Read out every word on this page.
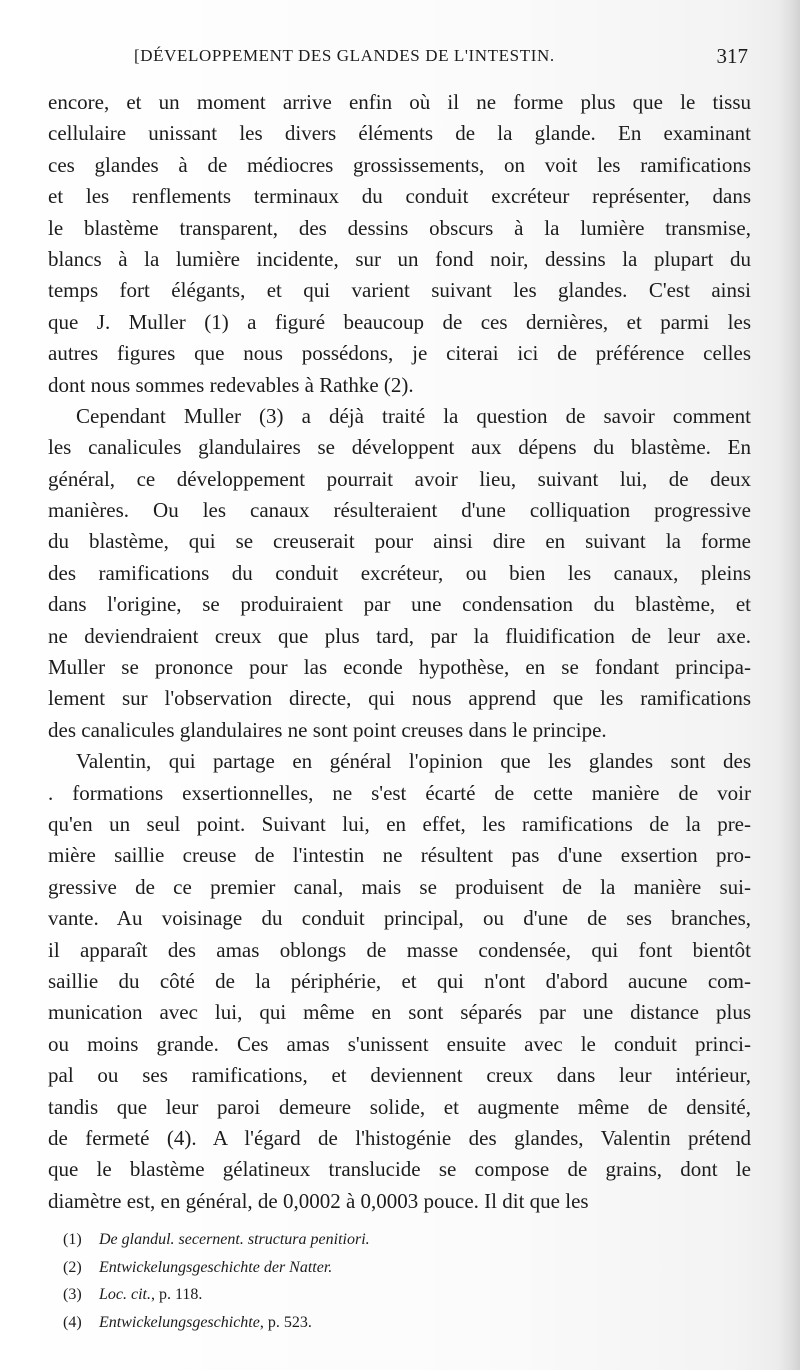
[DÉVELOPPEMENT DES GLANDES DE L'INTESTIN.	317
encore, et un moment arrive enfin où il ne forme plus que le tissu
cellulaire unissant les divers éléments de la glande. En examinant
ces glandes à de médiocres grossissements, on voit les ramifications
et les renflements terminaux du conduit excréteur représenter, dans
le blastème transparent, des dessins obscurs à la lumière transmise,
blancs à la lumière incidente, sur un fond noir, dessins la plupart du
temps fort élégants, et qui varient suivant les glandes. C'est ainsi
que J. Muller (1) a figuré beaucoup de ces dernières, et parmi les
autres figures que nous possédons, je citerai ici de préférence celles
dont nous sommes redevables à Rathke (2).
Cependant Muller (3) a déjà traité la question de savoir comment
les canalicules glandulaires se développent aux dépens du blastème. En
général, ce développement pourrait avoir lieu, suivant lui, de deux
manières. Ou les canaux résulteraient d'une colliquation progressive
du blastème, qui se creuserait pour ainsi dire en suivant la forme
des ramifications du conduit excréteur, ou bien les canaux, pleins
dans l'origine, se produiraient par une condensation du blastème, et
ne deviendraient creux que plus tard, par la fluidification de leur axe.
Muller se prononce pour las econde hypothèse, en se fondant principa-
lement sur l'observation directe, qui nous apprend que les ramifications
des canalicules glandulaires ne sont point creuses dans le principe.
Valentin, qui partage en général l'opinion que les glandes sont des
. formations exsertionnelles, ne s'est écarté de cette manière de voir
qu'en un seul point. Suivant lui, en effet, les ramifications de la pre-
mière saillie creuse de l'intestin ne résultent pas d'une exsertion pro-
gressive de ce premier canal, mais se produisent de la manière sui-
vante. Au voisinage du conduit principal, ou d'une de ses branches,
il apparaît des amas oblongs de masse condensée, qui font bientôt
saillie du côté de la périphérie, et qui n'ont d'abord aucune com-
munication avec lui, qui même en sont séparés par une distance plus
ou moins grande. Ces amas s'unissent ensuite avec le conduit princi-
pal ou ses ramifications, et deviennent creux dans leur intérieur,
tandis que leur paroi demeure solide, et augmente même de densité,
de fermeté (4). A l'égard de l'histogénie des glandes, Valentin prétend
que le blastème gélatineux translucide se compose de grains, dont le
diamètre est, en général, de 0,0002 à 0,0003 pouce. Il dit que les
(1) De glandul. secernent. structura penitiori.
(2) Entwickelungsgeschichte der Natter.
(3) Loc. cit., p. 118.
(4) Entwickelungsgeschichte, p. 523.
